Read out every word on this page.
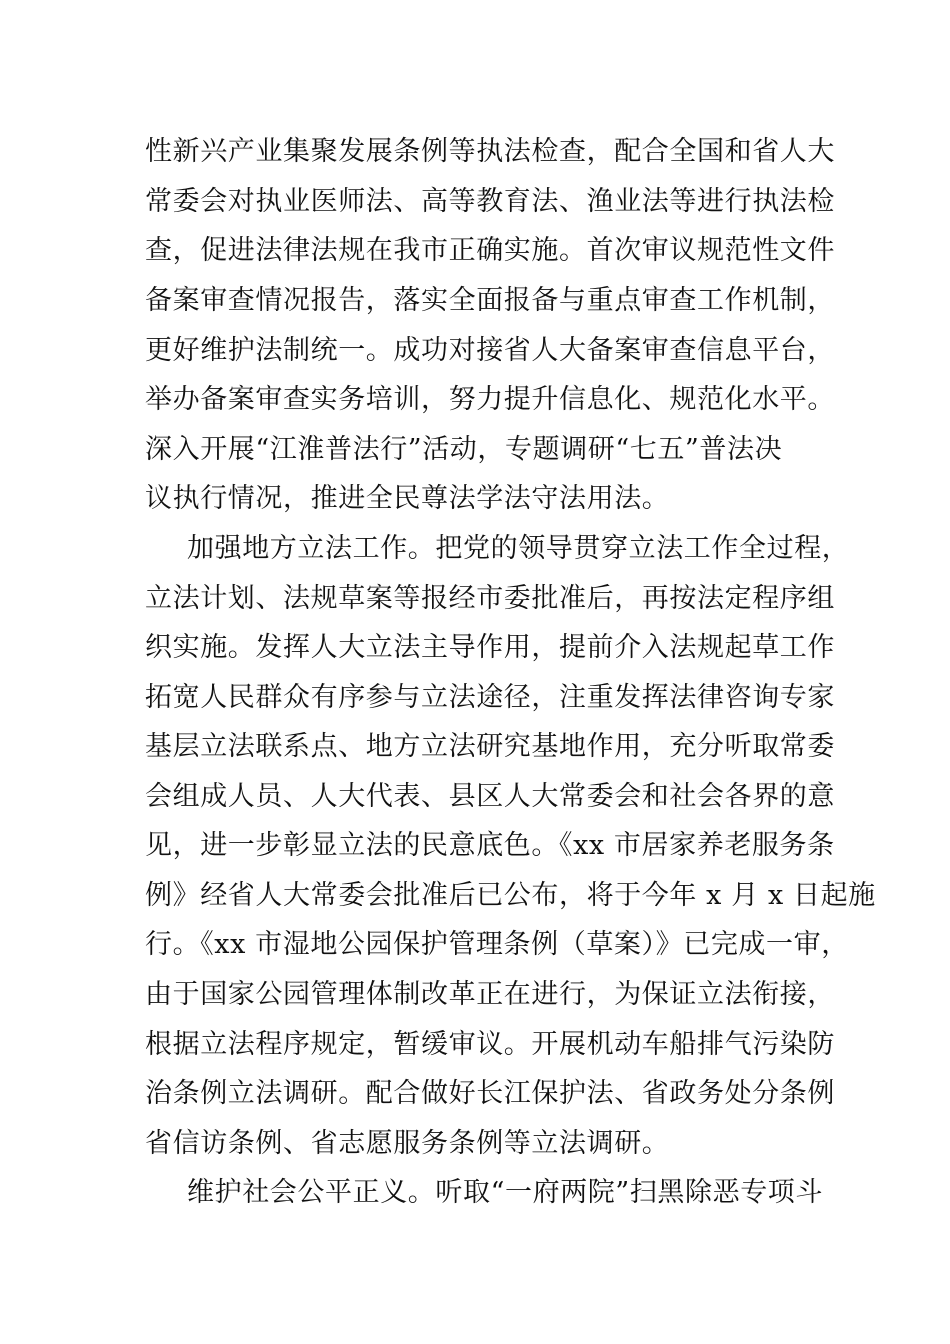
性新兴产业集聚发展条例等执法检查，配合全国和省人大
常委会对执业医师法、高等教育法、渔业法等进行执法检
查，促进法律法规在我市正确实施。首次审议规范性文件
备案审查情况报告，落实全面报备与重点审查工作机制，
更好维护法制统一。成功对接省人大备案审查信息平台，
举办备案审查实务培训，努力提升信息化、规范化水平。
深入开展“江淮普法行”活动，专题调研“七五”普法决
议执行情况，推进全民尊法学法守法用法。
加强地方立法工作。把党的领导贯穿立法工作全过程，
立法计划、法规草案等报经市委批准后，再按法定程序组
织实施。发挥人大立法主导作用，提前介入法规起草工作
拓宽人民群众有序参与立法途径，注重发挥法律咨询专家
基层立法联系点、地方立法研究基地作用，充分听取常委
会组成人员、人大代表、县区人大常委会和社会各界的意
见，进一步彰显立法的民意底色。《xx 市居家养老服务条
例》经省人大常委会批准后已公布，将于今年 x 月 x 日起施
行。《xx 市湿地公园保护管理条例（草案）》已完成一审，
由于国家公园管理体制改革正在进行，为保证立法衔接，
根据立法程序规定，暂缓审议。开展机动车船排气污染防
治条例立法调研。配合做好长江保护法、省政务处分条例
省信访条例、省志愿服务条例等立法调研。
维护社会公平正义。听取“一府两院”扫黑除恶专项斗
